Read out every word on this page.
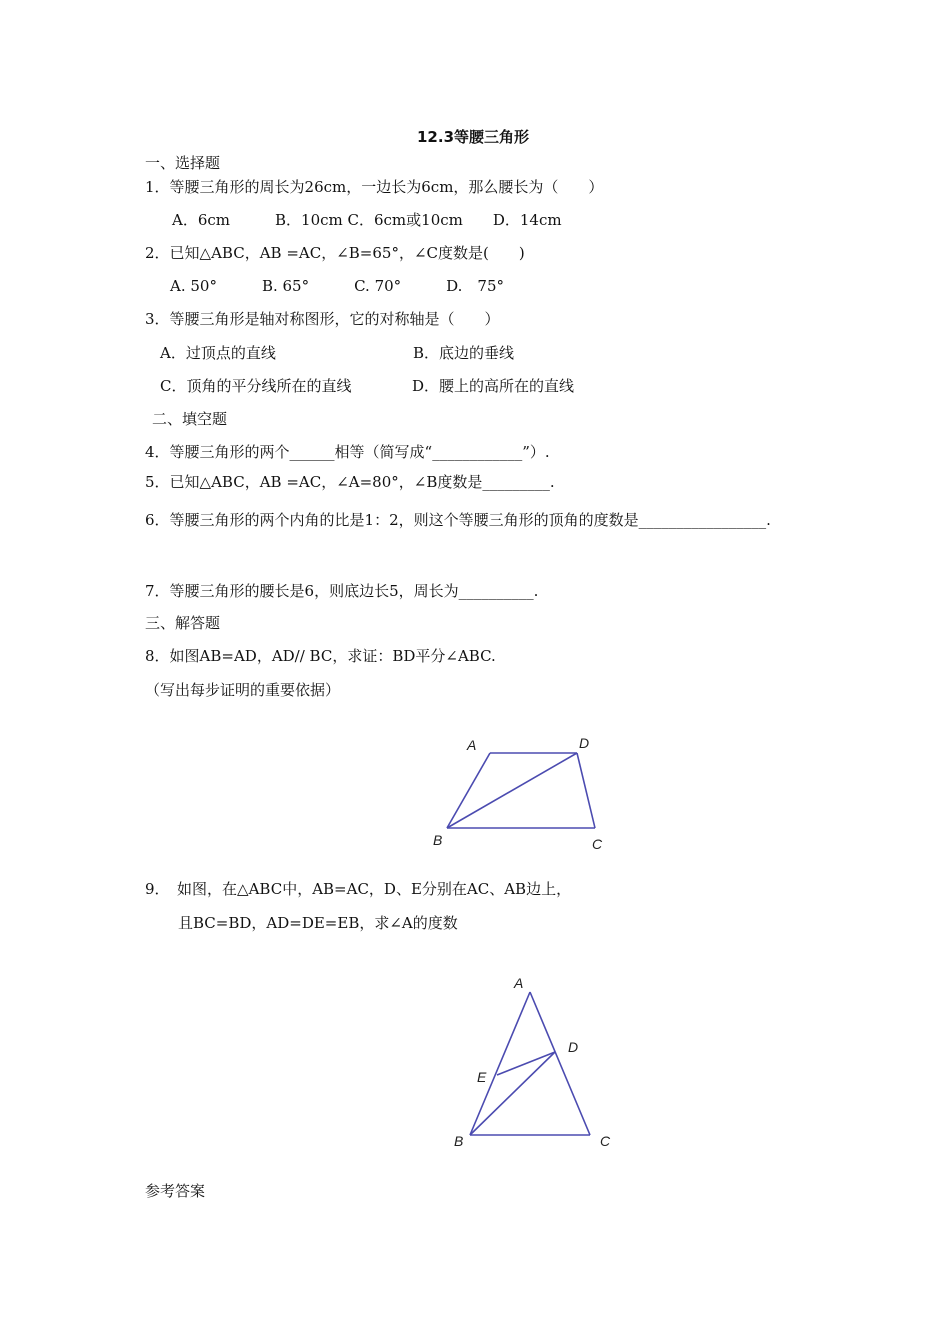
12.3等腰三角形
一、选择题
1．等腰三角形的周长为26cm，一边长为6cm，那么腰长为（　　）
A．6cm　　　B．10cm C．6cm或10cm　　D．14cm
2．已知△ABC，AB =AC，∠B=65°，∠C度数是(　　)
A. 50°　　　B. 65°　　　C. 70°　　　D.　75°
3．等腰三角形是轴对称图形，它的对称轴是（　　）
A．过顶点的直线	B．底边的垂线
C．顶角的平分线所在的直线	D．腰上的高所在的直线
二、填空题
4．等腰三角形的两个______相等（简写成“____________”）.
5．已知△ABC，AB =AC，∠A=80°，∠B度数是_________.
6．等腰三角形的两个内角的比是1：2，则这个等腰三角形的顶角的度数是_________________.
7．等腰三角形的腰长是6，则底边长5，周长为__________.
三、解答题
8．如图AB=AD，AD// BC，求证：BD平分∠ABC.
（写出每步证明的重要依据）
A	D
B	C
9．　如图，在△ABC中，AB=AC，D、E分别在AC、AB边上，
且BC=BD，AD=DE=EB，求∠A的度数
A
D
E
B	C
参考答案
